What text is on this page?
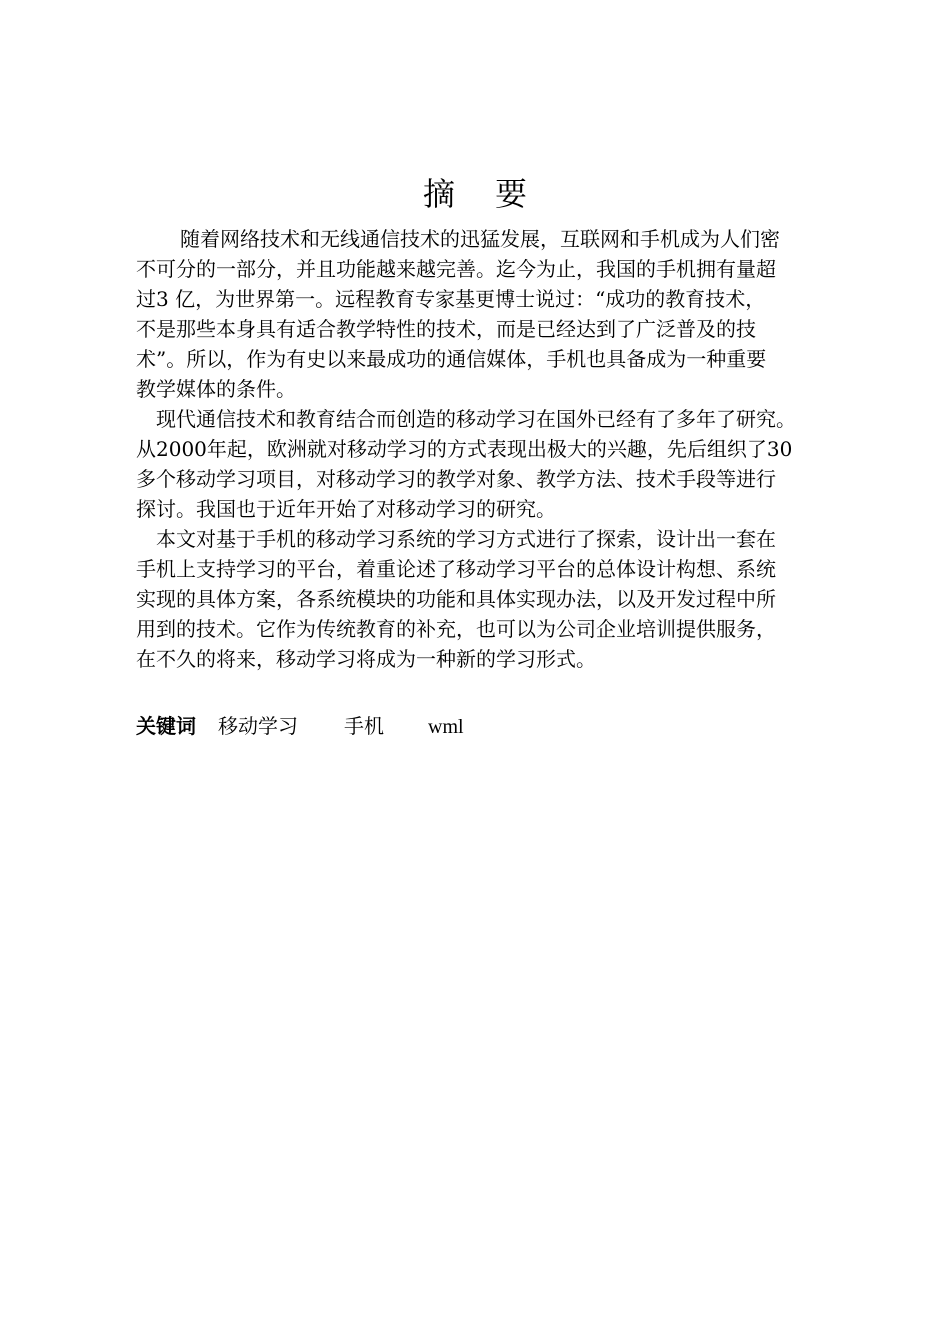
摘 要
随着网络技术和无线通信技术的迅猛发展，互联网和手机成为人们密
不可分的一部分，并且功能越来越完善。迄今为止，我国的手机拥有量超
过3 亿，为世界第一。远程教育专家基更博士说过：“成功的教育技术，
不是那些本身具有适合教学特性的技术，而是已经达到了广泛普及的技
术”。所以，作为有史以来最成功的通信媒体，手机也具备成为一种重要
教学媒体的条件。
现代通信技术和教育结合而创造的移动学习在国外已经有了多年了研究。
从2000年起，欧洲就对移动学习的方式表现出极大的兴趣，先后组织了30
多个移动学习项目，对移动学习的教学对象、教学方法、技术手段等进行
探讨。我国也于近年开始了对移动学习的研究。
本文对基于手机的移动学习系统的学习方式进行了探索，设计出一套在
手机上支持学习的平台，着重论述了移动学习平台的总体设计构想、系统
实现的具体方案，各系统模块的功能和具体实现办法，以及开发过程中所
用到的技术。它作为传统教育的补充，也可以为公司企业培训提供服务，
在不久的将来，移动学习将成为一种新的学习形式。
关键词 移动学习 手机 wml
